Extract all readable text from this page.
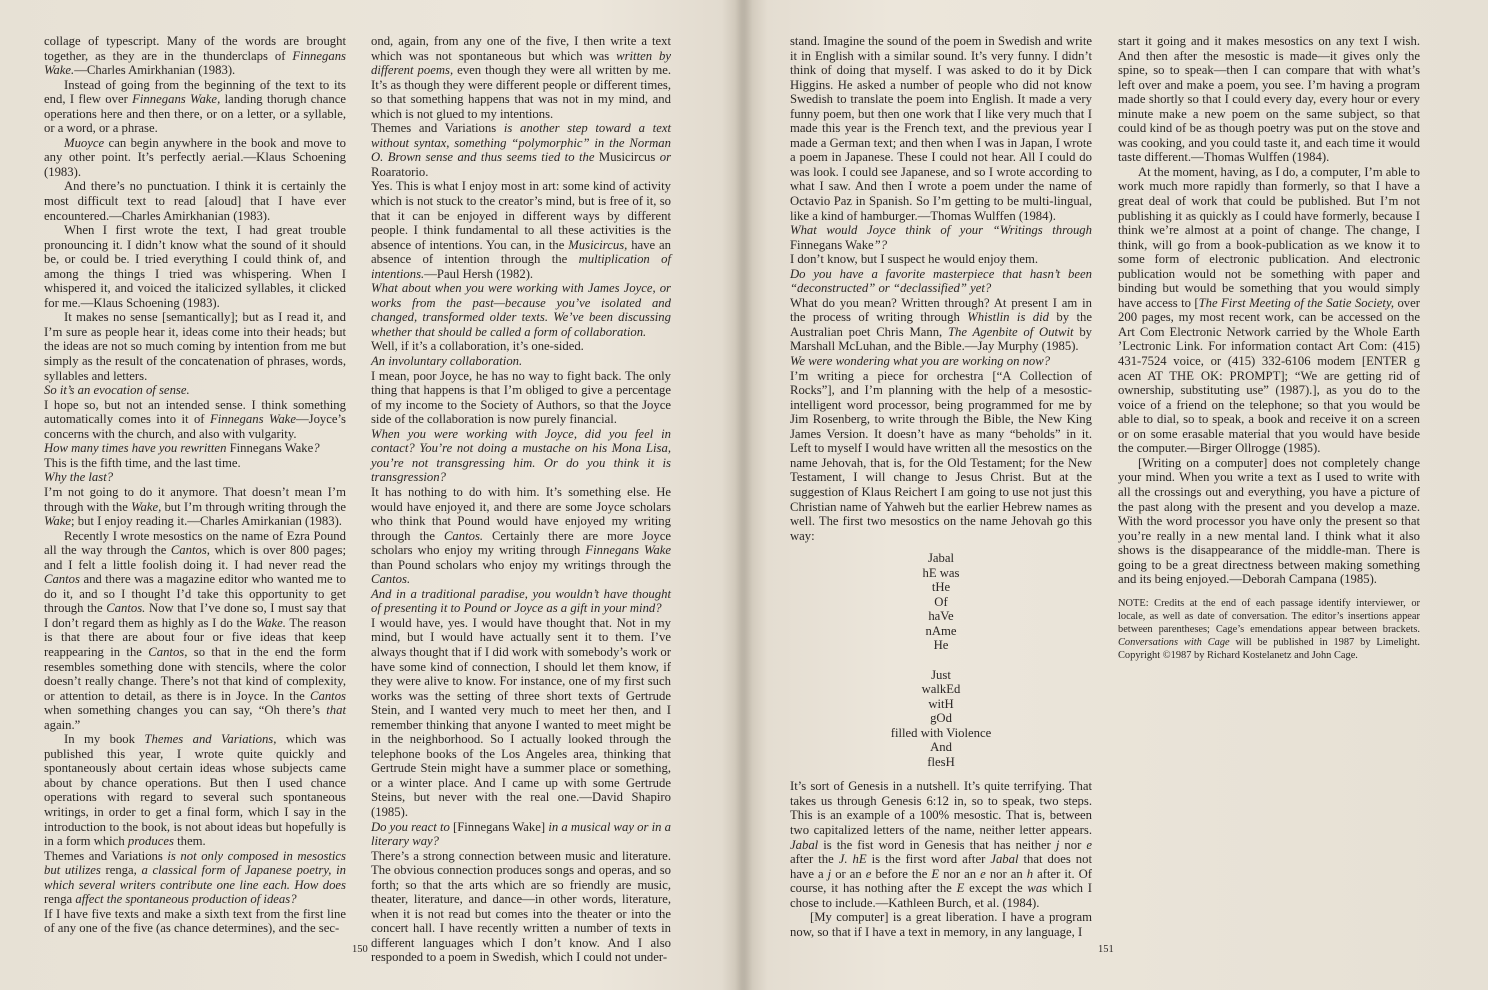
collage of typescript. Many of the words are brought together, as they are in the thunderclaps of Finnegans Wake.—Charles Amirkhanian (1983).

Instead of going from the beginning of the text to its end, I flew over Finnegans Wake, landing thorugh chance operations here and then there, or on a letter, or a syllable, or a word, or a phrase.

Muoyce can begin anywhere in the book and move to any other point. It’s perfectly aerial.—Klaus Schoening (1983).

And there’s no punctuation. I think it is certainly the most difficult text to read [aloud] that I have ever encountered.—Charles Amirkhanian (1983).

When I first wrote the text, I had great trouble pronouncing it. I didn’t know what the sound of it should be, or could be. I tried everything I could think of, and among the things I tried was whispering. When I whispered it, and voiced the italicized syllables, it clicked for me.—Klaus Schoening (1983).

It makes no sense [semantically]; but as I read it, and I’m sure as people hear it, ideas come into their heads; but the ideas are not so much coming by intention from me but simply as the result of the concatenation of phrases, words, syllables and letters.

So it’s an evocation of sense.

I hope so, but not an intended sense. I think something automatically comes into it of Finnegans Wake—Joyce’s concerns with the church, and also with vulgarity.

How many times have you rewritten Finnegans Wake?

This is the fifth time, and the last time.

Why the last?

I’m not going to do it anymore. That doesn’t mean I’m through with the Wake, but I’m through writing through the Wake; but I enjoy reading it.—Charles Amirkanian (1983).

Recently I wrote mesostics on the name of Ezra Pound all the way through the Cantos, which is over 800 pages; and I felt a little foolish doing it. I had never read the Cantos and there was a magazine editor who wanted me to do it, and so I thought I’d take this opportunity to get through the Cantos. Now that I’ve done so, I must say that I don’t regard them as highly as I do the Wake. The reason is that there are about four or five ideas that keep reappearing in the Cantos, so that in the end the form resembles something done with stencils, where the color doesn’t really change. There’s not that kind of complexity, or attention to detail, as there is in Joyce. In the Cantos when something changes you can say, “Oh there’s that again.”

In my book Themes and Variations, which was published this year, I wrote quite quickly and spontaneously about certain ideas whose subjects came about by chance operations. But then I used chance operations with regard to several such spontaneous writings, in order to get a final form, which I say in the introduction to the book, is not about ideas but hopefully is in a form which produces them.

Themes and Variations is not only composed in mesostics but utilizes renga, a classical form of Japanese poetry, in which several writers contribute one line each. How does renga affect the spontaneous production of ideas?

If I have five texts and make a sixth text from the first line of any one of the five (as chance determines), and the sec-

ond, again, from any one of the five, I then write a text which was not spontaneous but which was written by different poems, even though they were all written by me. It’s as though they were different people or different times, so that something happens that was not in my mind, and which is not glued to my intentions.

Themes and Variations is another step toward a text without syntax, something “polymorphic” in the Norman O. Brown sense and thus seems tied to the Musicircus or Roaratorio.

Yes. This is what I enjoy most in art: some kind of activity which is not stuck to the creator’s mind, but is free of it, so that it can be enjoyed in different ways by different people. I think fundamental to all these activities is the absence of intentions. You can, in the Musicircus, have an absence of intention through the multiplication of intentions.—Paul Hersh (1982).

What about when you were working with James Joyce, or works from the past—because you’ve isolated and changed, transformed older texts. We’ve been discussing whether that should be called a form of collaboration.

Well, if it’s a collaboration, it’s one-sided.

An involuntary collaboration.

I mean, poor Joyce, he has no way to fight back. The only thing that happens is that I’m obliged to give a percentage of my income to the Society of Authors, so that the Joyce side of the collaboration is now purely financial.

When you were working with Joyce, did you feel in contact? You’re not doing a mustache on his Mona Lisa, you’re not transgressing him. Or do you think it is transgression?

It has nothing to do with him. It’s something else. He would have enjoyed it, and there are some Joyce scholars who think that Pound would have enjoyed my writing through the Cantos. Certainly there are more Joyce scholars who enjoy my writing through Finnegans Wake than Pound scholars who enjoy my writings through the Cantos.

And in a traditional paradise, you wouldn’t have thought of presenting it to Pound or Joyce as a gift in your mind?

I would have, yes. I would have thought that. Not in my mind, but I would have actually sent it to them. I’ve always thought that if I did work with somebody’s work or have some kind of connection, I should let them know, if they were alive to know. For instance, one of my first such works was the setting of three short texts of Gertrude Stein, and I wanted very much to meet her then, and I remember thinking that anyone I wanted to meet might be in the neighborhood. So I actually looked through the telephone books of the Los Angeles area, thinking that Gertrude Stein might have a summer place or something, or a winter place. And I came up with some Gertrude Steins, but never with the real one.—David Shapiro (1985).

Do you react to [Finnegans Wake] in a musical way or in a literary way?

There’s a strong connection between music and literature. The obvious connection produces songs and operas, and so forth; so that the arts which are so friendly are music, theater, literature, and dance—in other words, literature, when it is not read but comes into the theater or into the concert hall. I have recently written a number of texts in different languages which I don’t know. And I also responded to a poem in Swedish, which I could not under-

stand. Imagine the sound of the poem in Swedish and write it in English with a similar sound. It’s very funny. I didn’t think of doing that myself. I was asked to do it by Dick Higgins. He asked a number of people who did not know Swedish to translate the poem into English. It made a very funny poem, but then one work that I like very much that I made this year is the French text, and the previous year I made a German text; and then when I was in Japan, I wrote a poem in Japanese. These I could not hear. All I could do was look. I could see Japanese, and so I wrote according to what I saw. And then I wrote a poem under the name of Octavio Paz in Spanish. So I’m getting to be multi-lingual, like a kind of hamburger.—Thomas Wulffen (1984).

What would Joyce think of your “Writings through Finnegans Wake”?

I don’t know, but I suspect he would enjoy them.

Do you have a favorite masterpiece that hasn’t been “deconstructed” or “declassified” yet?

What do you mean? Written through? At present I am in the process of writing through Whistlin is did by the Australian poet Chris Mann, The Agenbite of Outwit by Marshall McLuhan, and the Bible.—Jay Murphy (1985).

We were wondering what you are working on now?

I’m writing a piece for orchestra [“A Collection of Rocks”], and I’m planning with the help of a mesostic-intelligent word processor, being programmed for me by Jim Rosenberg, to write through the Bible, the New King James Version. It doesn’t have as many “beholds” in it. Left to myself I would have written all the mesostics on the name Jehovah, that is, for the Old Testament; for the New Testament, I will change to Jesus Christ. But at the suggestion of Klaus Reichert I am going to use not just this Christian name of Yahweh but the earlier Hebrew names as well. The first two mesostics on the name Jehovah go this way:

Jabal
hE was
tHe
Of
haVe
nAme
He
Just
walkEd
witH
gOd
filled with Violence
And
flesH

It’s sort of Genesis in a nutshell. It’s quite terrifying. That takes us through Genesis 6:12 in, so to speak, two steps. This is an example of a 100% mesostic. That is, between two capitalized letters of the name, neither letter appears. Jabal is the fist word in Genesis that has neither j nor e after the J. hE is the first word after Jabal that does not have a j or an e before the E nor an e nor an h after it. Of course, it has nothing after the E except the was which I chose to include.—Kathleen Burch, et al. (1984).

[My computer] is a great liberation. I have a program now, so that if I have a text in memory, in any language, I

start it going and it makes mesostics on any text I wish. And then after the mesostic is made—it gives only the spine, so to speak—then I can compare that with what’s left over and make a poem, you see. I’m having a program made shortly so that I could every day, every hour or every minute make a new poem on the same subject, so that could kind of be as though poetry was put on the stove and was cooking, and you could taste it, and each time it would taste different.—Thomas Wulffen (1984).

At the moment, having, as I do, a computer, I’m able to work much more rapidly than formerly, so that I have a great deal of work that could be published. But I’m not publishing it as quickly as I could have formerly, because I think we’re almost at a point of change. The change, I think, will go from a book-publication as we know it to some form of electronic publication. And electronic publication would not be something with paper and binding but would be something that you would simply have access to [The First Meeting of the Satie Society, over 200 pages, my most recent work, can be accessed on the Art Com Electronic Network carried by the Whole Earth ’Lectronic Link. For information contact Art Com: (415) 431-7524 voice, or (415) 332-6106 modem [ENTER g acen AT THE OK: PROMPT]; “We are getting rid of ownership, substituting use” (1987).], as you do to the voice of a friend on the telephone; so that you would be able to dial, so to speak, a book and receive it on a screen or on some erasable material that you would have beside the computer.—Birger Ollrogge (1985).

[Writing on a computer] does not completely change your mind. When you write a text as I used to write with all the crossings out and everything, you have a picture of the past along with the present and you develop a maze. With the word processor you have only the present so that you’re really in a new mental land. I think what it also shows is the disappearance of the middle-man. There is going to be a great directness between making something and its being enjoyed.—Deborah Campana (1985).

NOTE: Credits at the end of each passage identify interviewer, or locale, as well as date of conversation. The editor’s insertions appear between parentheses; Cage’s emendations appear between brackets. Conversations with Cage will be published in 1987 by Limelight. Copyright ©1987 by Richard Kostelanetz and John Cage.

150	151
